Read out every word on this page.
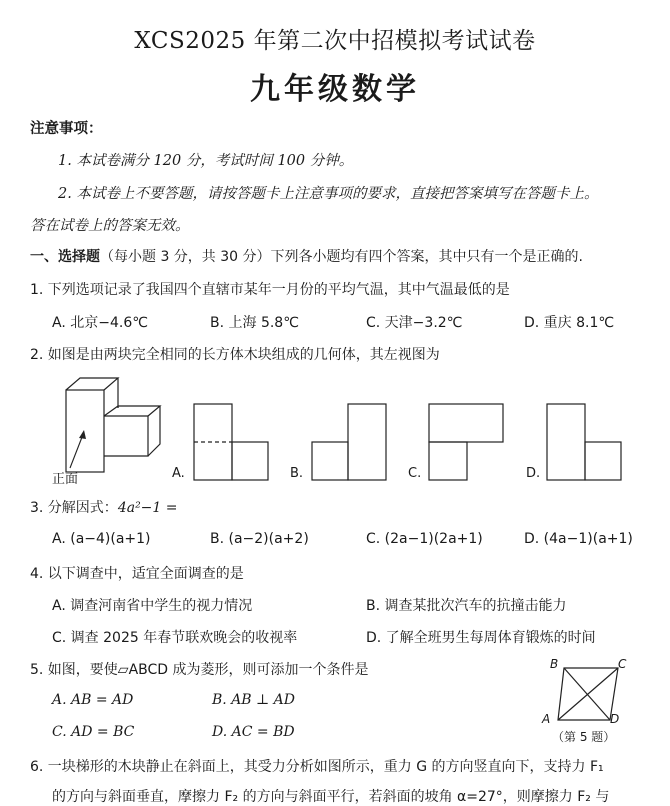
XCS2025 年第二次中招模拟考试试卷
九年级数学
注意事项：
1. 本试卷满分 120 分，考试时间 100 分钟。
2. 本试卷上不要答题，请按答题卡上注意事项的要求，直接把答案填写在答题卡上。
答在试卷上的答案无效。
一、选择题（每小题 3 分，共 30 分）下列各小题均有四个答案，其中只有一个是正确的.
1. 下列选项记录了我国四个直辖市某年一月份的平均气温，其中气温最低的是
A. 北京−4.6℃	B. 上海 5.8℃	C. 天津−3.2℃	D. 重庆 8.1℃
2. 如图是由两块完全相同的长方体木块组成的几何体，其左视图为
正面	A.	B.	C.	D.
3. 分解因式：4a²−1 =
A. (a−4)(a+1)	B. (a−2)(a+2)	C. (2a−1)(2a+1)	D. (4a−1)(a+1)
4. 以下调查中，适宜全面调查的是
A. 调查河南省中学生的视力情况	B. 调查某批次汽车的抗撞击能力
C. 调查 2025 年春节联欢晚会的收视率	D. 了解全班男生每周体育锻炼的时间
5. 如图，要使▱ABCD 成为菱形，则可添加一个条件是
A. AB = AD	B. AB ⊥ AD
C. AD = BC	D. AC = BD
B	C
A	D
（第 5 题）
6. 一块梯形的木块静止在斜面上，其受力分析如图所示，重力 G 的方向竖直向下，支持力 F₁
的方向与斜面垂直，摩擦力 F₂ 的方向与斜面平行，若斜面的坡角 α=27°，则摩擦力 F₂ 与
